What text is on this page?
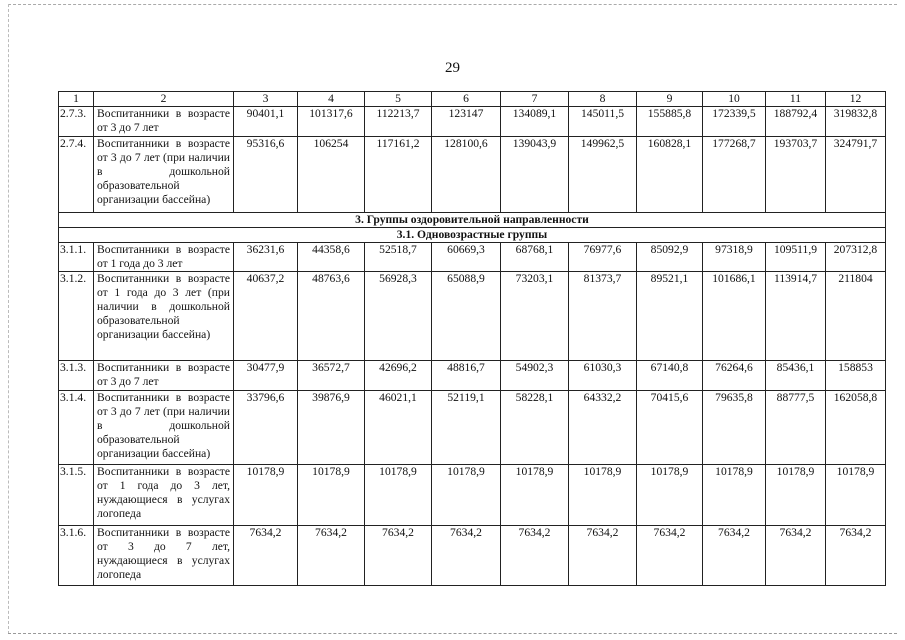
29
1	2	3	4	5	6	7	8	9	10	11	12
2.7.3.	Воспитанники в возрасте от 3 до 7 лет	90401,1	101317,6	112213,7	123147	134089,1	145011,5	155885,8	172339,5	188792,4	319832,8
2.7.4.	Воспитанники в возрасте от 3 до 7 лет (при наличии в дошкольной образовательной организации бассейна)	95316,6	106254	117161,2	128100,6	139043,9	149962,5	160828,1	177268,7	193703,7	324791,7
3. Группы оздоровительной направленности											
3.1. Одновозрастные группы											
3.1.1.	Воспитанники в возрасте от 1 года до 3 лет	36231,6	44358,6	52518,7	60669,3	68768,1	76977,6	85092,9	97318,9	109511,9	207312,8
3.1.2.	Воспитанники в возрасте от 1 года до 3 лет (при наличии в дошкольной образовательной организации бассейна)	40637,2	48763,6	56928,3	65088,9	73203,1	81373,7	89521,1	101686,1	113914,7	211804
3.1.3.	Воспитанники в возрасте от 3 до 7 лет	30477,9	36572,7	42696,2	48816,7	54902,3	61030,3	67140,8	76264,6	85436,1	158853
3.1.4.	Воспитанники в возрасте от 3 до 7 лет (при наличии в дошкольной образовательной организации бассейна)	33796,6	39876,9	46021,1	52119,1	58228,1	64332,2	70415,6	79635,8	88777,5	162058,8
3.1.5.	Воспитанники в возрасте от 1 года до 3 лет, нуждающиеся в услугах логопеда	10178,9	10178,9	10178,9	10178,9	10178,9	10178,9	10178,9	10178,9	10178,9	10178,9
3.1.6.	Воспитанники в возрасте от 3 до 7 лет, нуждающиеся в услугах логопеда	7634,2	7634,2	7634,2	7634,2	7634,2	7634,2	7634,2	7634,2	7634,2	7634,2
